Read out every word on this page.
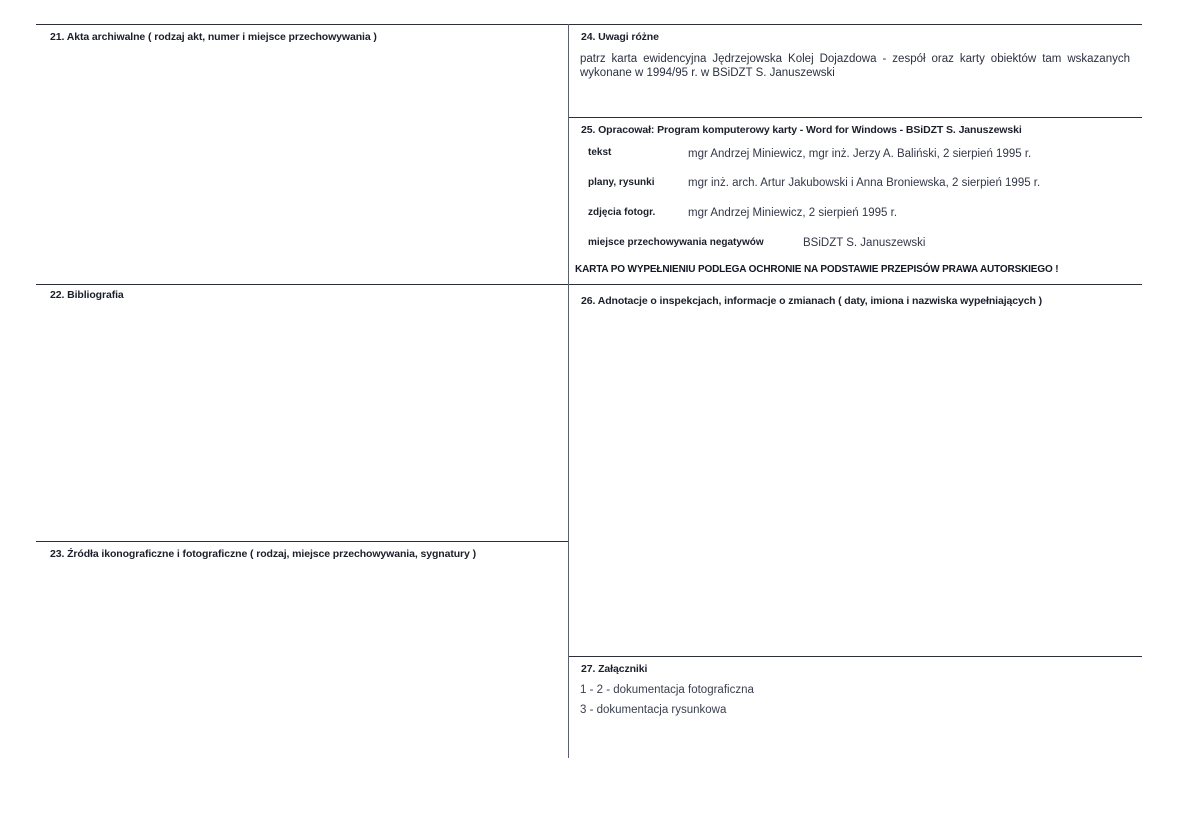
21. Akta archiwalne ( rodzaj akt, numer i miejsce przechowywania )
22. Bibliografia
23. Źródła ikonograficzne i fotograficzne ( rodzaj, miejsce przechowywania, sygnatury )
24. Uwagi różne
patrz karta ewidencyjna Jędrzejowska Kolej Dojazdowa - zespół oraz karty obiektów tam wskazanych wykonane w 1994/95 r. w BSiDZT S. Januszewski
25. Opracował: Program komputerowy karty - Word for Windows - BSiDZT S. Januszewski
tekst	mgr Andrzej Miniewicz, mgr inż. Jerzy A. Baliński, 2 sierpień 1995 r.
plany, rysunki	mgr inż. arch. Artur Jakubowski i Anna Broniewska, 2 sierpień 1995 r.
zdjęcia fotogr.	mgr Andrzej Miniewicz, 2 sierpień 1995 r.
miejsce przechowywania negatywów	BSiDZT S. Januszewski
KARTA PO WYPEŁNIENIU PODLEGA OCHRONIE NA PODSTAWIE PRZEPISÓW PRAWA AUTORSKIEGO !
26. Adnotacje o inspekcjach, informacje o zmianach ( daty, imiona i nazwiska wypełniających )
27. Załączniki
1 - 2 - dokumentacja fotograficzna
3 - dokumentacja rysunkowa
